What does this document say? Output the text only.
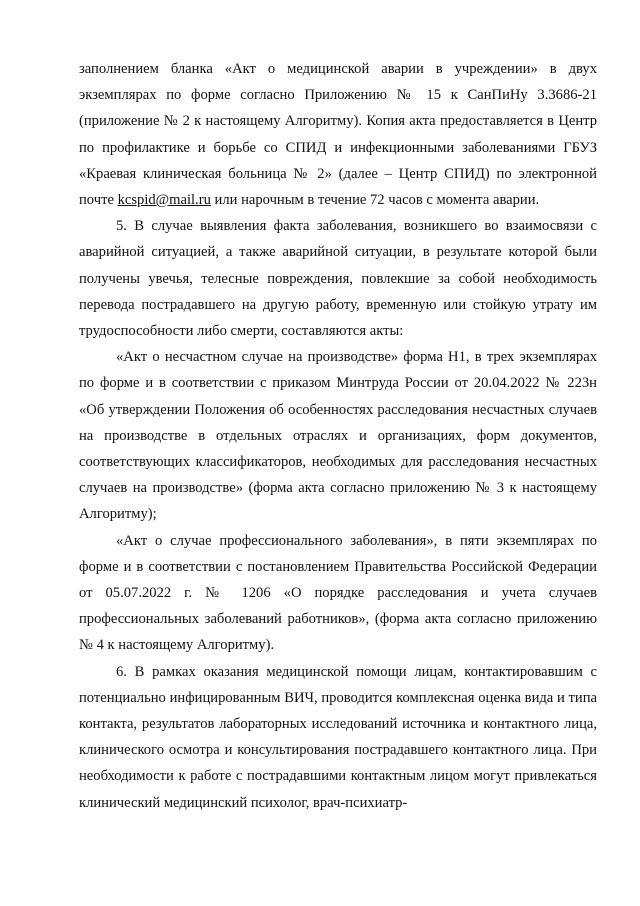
заполнением бланка «Акт о медицинской аварии в учреждении» в двух экземплярах по форме согласно Приложению № 15 к СанПиНу 3.3686-21 (приложение № 2 к настоящему Алгоритму). Копия акта предоставляется в Центр по профилактике и борьбе со СПИД и инфекционными заболеваниями ГБУЗ «Краевая клиническая больница № 2» (далее – Центр СПИД) по электронной почте kcspid@mail.ru или нарочным в течение 72 часов с момента аварии.

5. В случае выявления факта заболевания, возникшего во взаимосвязи с аварийной ситуацией, а также аварийной ситуации, в результате которой были получены увечья, телесные повреждения, повлекшие за собой необходимость перевода пострадавшего на другую работу, временную или стойкую утрату им трудоспособности либо смерти, составляются акты:

«Акт о несчастном случае на производстве» форма Н1, в трех экземплярах по форме и в соответствии с приказом Минтруда России от 20.04.2022 № 223н «Об утверждении Положения об особенностях расследования несчастных случаев на производстве в отдельных отраслях и организациях, форм документов, соответствующих классификаторов, необходимых для расследования несчастных случаев на производстве» (форма акта согласно приложению № 3 к настоящему Алгоритму);

«Акт о случае профессионального заболевания», в пяти экземплярах по форме и в соответствии с постановлением Правительства Российской Федерации от 05.07.2022 г. № 1206 «О порядке расследования и учета случаев профессиональных заболеваний работников», (форма акта согласно приложению № 4 к настоящему Алгоритму).

6. В рамках оказания медицинской помощи лицам, контактировавшим с потенциально инфицированным ВИЧ, проводится комплексная оценка вида и типа контакта, результатов лабораторных исследований источника и контактного лица, клинического осмотра и консультирования пострадавшего контактного лица. При необходимости к работе с пострадавшими контактным лицом могут привлекаться клинический медицинский психолог, врач-психиатр-
